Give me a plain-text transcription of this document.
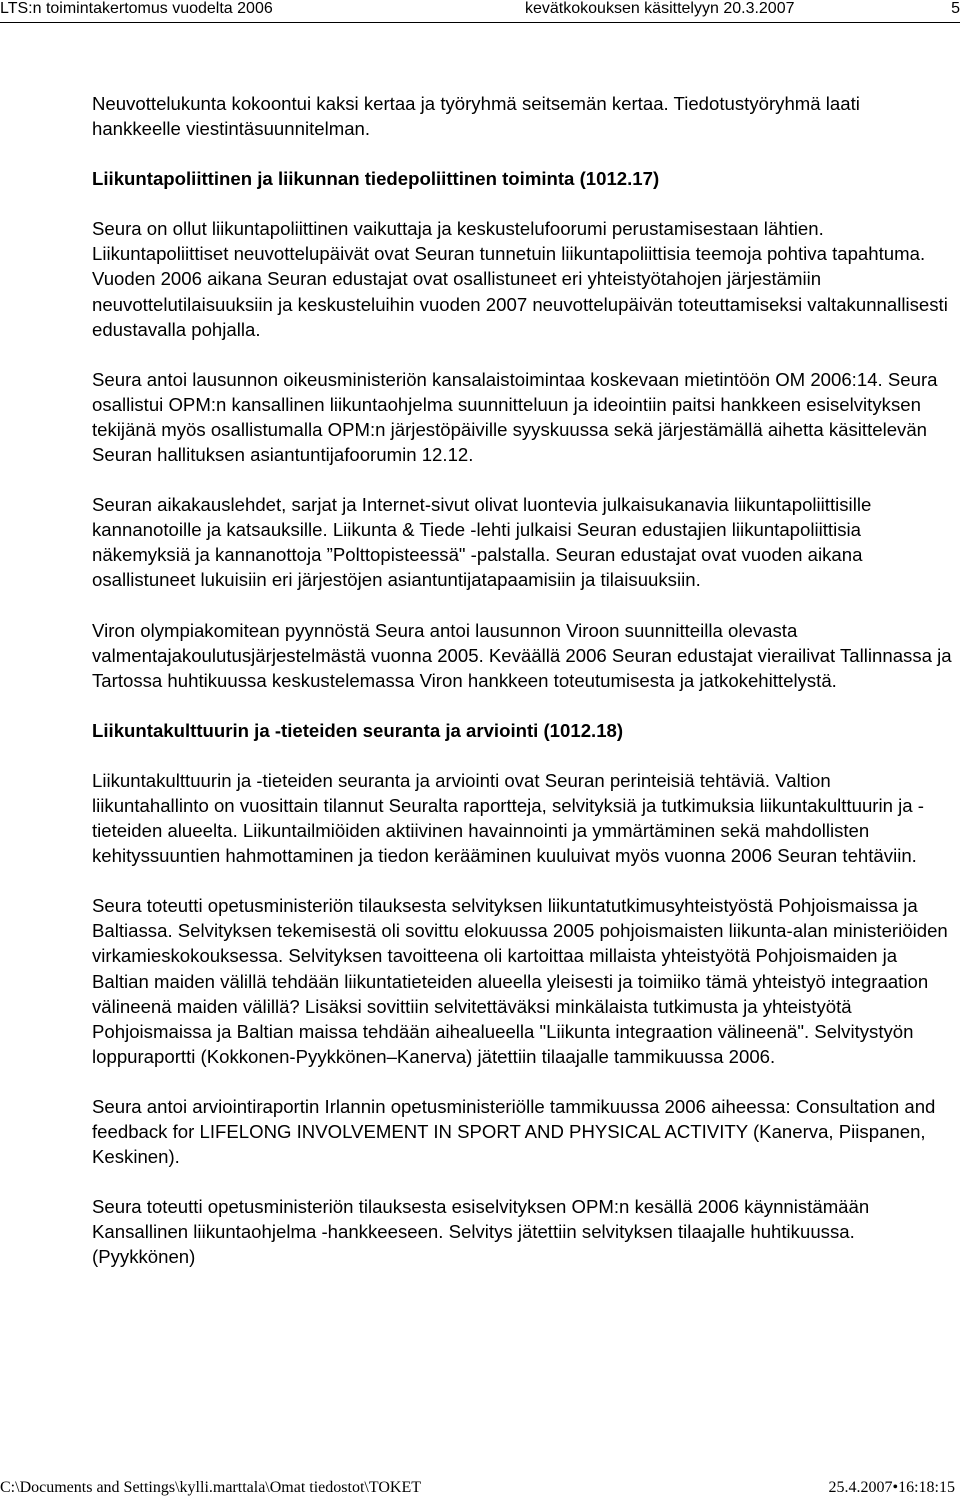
LTS:n toimintakertomus vuodelta 2006	kevätkokouksen käsittelyyn 20.3.2007	5

Neuvottelukunta kokoontui kaksi kertaa ja työryhmä seitsemän kertaa. Tiedotustyöryhmä laati hankkeelle viestintäsuunnitelman.

Liikuntapoliittinen ja liikunnan tiedepoliittinen toiminta (1012.17)

Seura on ollut liikuntapoliittinen vaikuttaja ja keskustelufoorumi perustamisestaan lähtien. Liikuntapoliittiset neuvottelupäivät ovat Seuran tunnetuin liikuntapoliittisia teemoja pohtiva tapahtuma. Vuoden 2006 aikana Seuran edustajat ovat osallistuneet eri yhteistyötahojen järjestämiin neuvottelutilaisuuksiin ja keskusteluihin vuoden 2007 neuvottelupäivän toteuttamiseksi valtakunnallisesti edustavalla pohjalla.

Seura antoi lausunnon oikeusministeriön kansalaistoimintaa koskevaan mietintöön OM 2006:14. Seura osallistui OPM:n kansallinen liikuntaohjelma suunnitteluun ja ideointiin paitsi hankkeen esiselvityksen tekijänä myös osallistumalla OPM:n järjestöpäiville syyskuussa sekä järjestämällä aihetta käsittelevän Seuran hallituksen asiantuntijafoorumin 12.12.

Seuran aikakauslehdet, sarjat ja Internet-sivut olivat luontevia julkaisukanavia liikuntapoliittisille kannanotoille ja katsauksille. Liikunta & Tiede -lehti julkaisi Seuran edustajien liikuntapoliittisia näkemyksiä ja kannanottoja ”Polttopisteessä" -palstalla. Seuran edustajat ovat vuoden aikana osallistuneet lukuisiin eri järjestöjen asiantuntijatapaamisiin ja tilaisuuksiin.

Viron olympiakomitean pyynnöstä Seura antoi lausunnon Viroon suunnitteilla olevasta valmentajakoulutusjärjestelmästä vuonna 2005. Keväällä 2006 Seuran edustajat vierailivat Tallinnassa ja Tartossa huhtikuussa keskustelemassa Viron hankkeen toteutumisesta ja jatkokehittelystä.

Liikuntakulttuurin ja -tieteiden seuranta ja arviointi (1012.18)

Liikuntakulttuurin ja -tieteiden seuranta ja arviointi ovat Seuran perinteisiä tehtäviä. Valtion liikuntahallinto on vuosittain tilannut Seuralta raportteja, selvityksiä ja tutkimuksia liikuntakulttuurin ja -tieteiden alueelta. Liikuntailmiöiden aktiivinen havainnointi ja ymmärtäminen sekä mahdollisten kehityssuuntien hahmottaminen ja tiedon kerääminen kuuluivat myös vuonna 2006 Seuran tehtäviin.

Seura toteutti opetusministeriön tilauksesta selvityksen liikuntatutkimusyhteistyöstä Pohjoismaissa ja Baltiassa. Selvityksen tekemisestä oli sovittu elokuussa 2005 pohjoismaisten liikunta-alan ministeriöiden virkamieskokouksessa. Selvityksen tavoitteena oli kartoittaa millaista yhteistyötä Pohjoismaiden ja Baltian maiden välillä tehdään liikuntatieteiden alueella yleisesti ja toimiiko tämä yhteistyö integraation välineenä maiden välillä? Lisäksi sovittiin selvitettäväksi minkälaista tutkimusta ja yhteistyötä Pohjoismaissa ja Baltian maissa tehdään aihealueella "Liikunta integraation välineenä". Selvitystyön loppuraportti (Kokkonen-Pyykkönen–Kanerva) jätettiin tilaajalle tammikuussa 2006.

Seura antoi arviointiraportin Irlannin opetusministeriölle tammikuussa 2006 aiheessa: Consultation and feedback for LIFELONG INVOLVEMENT IN SPORT AND PHYSICAL ACTIVITY (Kanerva, Piispanen, Keskinen).

Seura toteutti opetusministeriön tilauksesta esiselvityksen OPM:n kesällä 2006 käynnistämään Kansallinen liikuntaohjelma -hankkeeseen. Selvitys jätettiin selvityksen tilaajalle huhtikuussa. (Pyykkönen)

C:\Documents and Settings\kylli.marttala\Omat tiedostot\TOKET	25.4.2007•16:18:15
